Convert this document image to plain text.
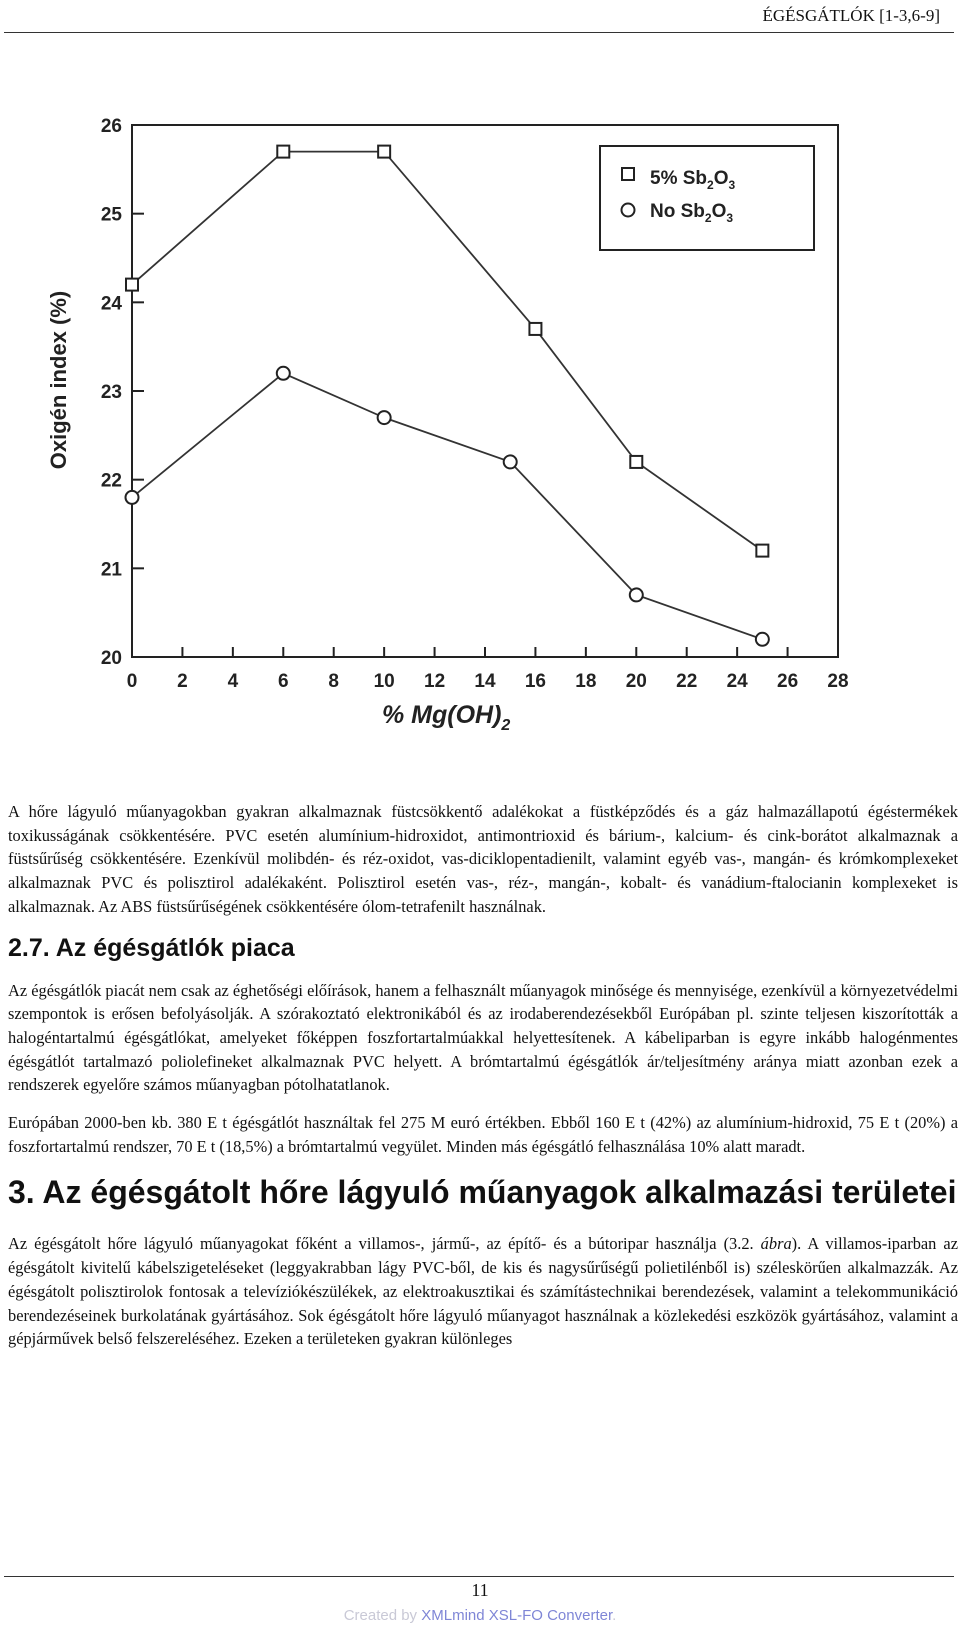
ÉGÉSGÁTLÓK [1-3,6-9]
20
21
22
23
24
25
26
0 2 4 6 8 10 12 14 16 18 20 22 24 26 28
Oxigén index (%)
% $Mg(OH)_2$
5% $Sb_2O_3$
No $Sb_2O_3$

A hőre lágyuló műanyagokban gyakran alkalmaznak füstcsökkentő adalékokat a füstképződés és a gáz halmazállapotú égéstermékek toxikusságának csökkentésére. PVC esetén alumínium-hidroxidot, antimontrioxid és bárium-, kalcium- és cink-borátot alkalmaznak a füstsűrűség csökkentésére. Ezenkívül molibdén- és réz-oxidot, vas-diciklopentadienilt, valamint egyéb vas-, mangán- és krómkomplexeket alkalmaznak PVC és polisztirol adalékaként. Polisztirol esetén vas-, réz-, mangán-, kobalt- és vanádium-ftalocianin komplexeket is alkalmaznak. Az ABS füstsűrűségének csökkentésére ólom-tetrafenilt használnak.

2.7. Az égésgátlók piaca

Az égésgátlók piacát nem csak az éghetőségi előírások, hanem a felhasznált műanyagok minősége és mennyisége, ezenkívül a környezetvédelmi szempontok is erősen befolyásolják. A szórakoztató elektronikából és az irodaberendezésekből Európában pl. szinte teljesen kiszorították a halogéntartalmú égésgátlókat, amelyeket főképpen foszfortartalmúakkal helyettesítenek. A kábeliparban is egyre inkább halogénmentes égésgátlót tartalmazó poliolefineket alkalmaznak PVC helyett. A brómtartalmú égésgátlók ár/teljesítmény aránya miatt azonban ezek a rendszerek egyelőre számos műanyagban pótolhatatlanok.

Európában 2000-ben kb. 380 E t égésgátlót használtak fel 275 M euró értékben. Ebből 160 E t (42%) az alumínium-hidroxid, 75 E t (20%) a foszfortartalmú rendszer, 70 E t (18,5%) a brómtartalmú vegyület. Minden más égésgátló felhasználása 10% alatt maradt.

3. Az égésgátolt hőre lágyuló műanyagok alkalmazási területei

Az égésgátolt hőre lágyuló műanyagokat főként a villamos-, jármű-, az építő- és a bútoripar használja (3.2. ábra). A villamos-iparban az égésgátolt kivitelű kábelszigeteléseket (leggyakrabban lágy PVC-ből, de kis és nagysűrűségű polietilénből is) széleskörűen alkalmazzák. Az égésgátolt polisztirolok fontosak a televíziókészülékek, az elektroakusztikai és számítástechnikai berendezések, valamint a telekommunikáció berendezéseinek burkolatának gyártásához. Sok égésgátolt hőre lágyuló műanyagot használnak a közlekedési eszközök gyártásához, valamint a gépjárművek belső felszereléséhez. Ezeken a területeken gyakran különleges

11
Created by XMLmind XSL-FO Converter.
